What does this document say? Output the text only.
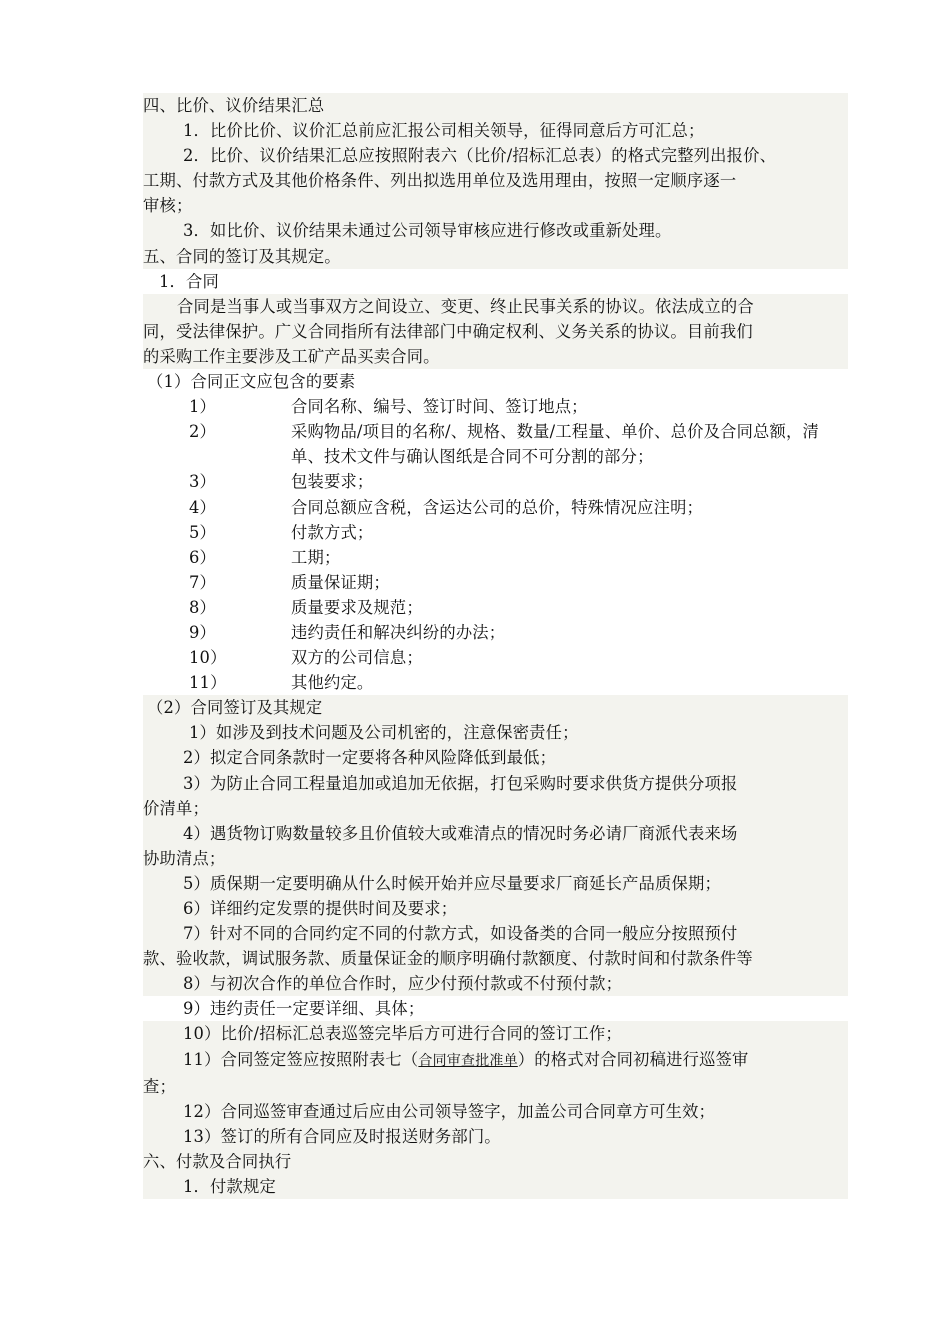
四、比价、议价结果汇总
1．比价比价、议价汇总前应汇报公司相关领导，征得同意后方可汇总；
2．比价、议价结果汇总应按照附表六（比价/招标汇总表）的格式完整列出报价、
工期、付款方式及其他价格条件、列出拟选用单位及选用理由，按照一定顺序逐一
审核；
3．如比价、议价结果未通过公司领导审核应进行修改或重新处理。
五、合同的签订及其规定。
1．合同
合同是当事人或当事双方之间设立、变更、终止民事关系的协议。依法成立的合
同，受法律保护。广义合同指所有法律部门中确定权利、义务关系的协议。目前我们
的采购工作主要涉及工矿产品买卖合同。
（1）合同正文应包含的要素
1）	合同名称、编号、签订时间、签订地点；
2）	采购物品/项目的名称/、规格、数量/工程量、单价、总价及合同总额，清
单、技术文件与确认图纸是合同不可分割的部分；
3）	包装要求；
4）	合同总额应含税，含运达公司的总价，特殊情况应注明；
5）	付款方式；
6）	工期；
7）	质量保证期；
8）	质量要求及规范；
9）	违约责任和解决纠纷的办法；
10）	双方的公司信息；
11）	其他约定。
（2）合同签订及其规定
1）如涉及到技术问题及公司机密的，注意保密责任；
2）拟定合同条款时一定要将各种风险降低到最低；
3）为防止合同工程量追加或追加无依据，打包采购时要求供货方提供分项报
价清单；
4）遇货物订购数量较多且价值较大或难清点的情况时务必请厂商派代表来场
协助清点；
5）质保期一定要明确从什么时候开始并应尽量要求厂商延长产品质保期；
6）详细约定发票的提供时间及要求；
7）针对不同的合同约定不同的付款方式，如设备类的合同一般应分按照预付
款、验收款，调试服务款、质量保证金的顺序明确付款额度、付款时间和付款条件等
8）与初次合作的单位合作时，应少付预付款或不付预付款；
9）违约责任一定要详细、具体；
10）比价/招标汇总表巡签完毕后方可进行合同的签订工作；
11）合同签定签应按照附表七（合同审查批准单）的格式对合同初稿进行巡签审
查；
12）合同巡签审查通过后应由公司领导签字，加盖公司合同章方可生效；
13）签订的所有合同应及时报送财务部门。
六、付款及合同执行
1．付款规定
